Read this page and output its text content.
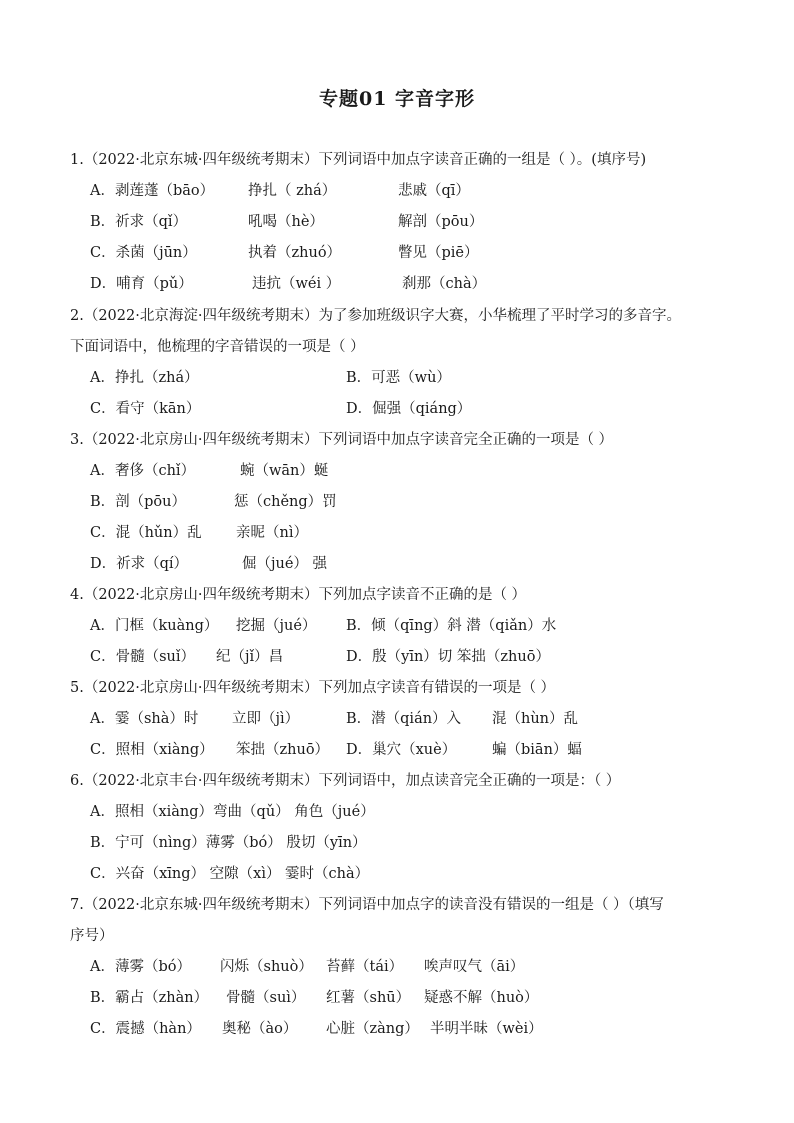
专题01 字音字形
1.（2022·北京东城·四年级统考期末）下列词语中加点字读音正确的一组是（ ）。(填序号)
A．剥莲蓬（bāo） 挣扎（ zhá）	悲戚（qī）
B．祈求（qǐ）	吼喝（hè）	解剖（pōu）
C．杀菌（jūn）	执着（zhuó）	瞥见（piē）
D．哺育（pǔ）	违抗（wéi ）	刹那（chà）
2.（2022·北京海淀·四年级统考期末）为了参加班级识字大赛，小华梳理了平时学习的多音字。
下面词语中，他梳理的字音错误的一项是（ ）
A．挣扎（zhá）	B．可恶（wù）
C．看守（kān）	D．倔强（qiáng）
3.（2022·北京房山·四年级统考期末）下列词语中加点字读音完全正确的一项是（ ）
A．奢侈（chǐ）	蜿（wān）蜒
B．剖（pōu）	惩（chěng）罚
C．混（hǔn）乱 亲昵（nì）
D．祈求（qí）	倔（jué） 强
4.（2022·北京房山·四年级统考期末）下列加点字读音不正确的是（ ）
A．门框（kuàng） 挖掘（jué） B．倾（qīng）斜 潜（qiǎn）水
C．骨髓（suǐ） 纪（jǐ）昌	D．殷（yīn）切 笨拙（zhuō）
5.（2022·北京房山·四年级统考期末）下列加点字读音有错误的一项是（ ）
A．霎（shà）时 立即（jì）	B．潜（qián）入 混（hùn）乱
C．照相（xiàng） 笨拙（zhuō） D．巢穴（xuè） 蝙（biān）蝠
6.（2022·北京丰台·四年级统考期末）下列词语中，加点读音完全正确的一项是：（ ）
A．照相（xiàng）弯曲（qǔ） 角色（jué）
B．宁可（nìng）薄雾（bó） 殷切（yīn）
C．兴奋（xīng） 空隙（xì） 霎时（chà）
7.（2022·北京东城·四年级统考期末）下列词语中加点字的读音没有错误的一组是（ ）（填写
序号）
A．薄雾（bó） 闪烁（shuò） 苔藓（tái） 唉声叹气（āi）
B．霸占（zhàn） 骨髓（suì） 红薯（shū） 疑惑不解（huò）
C．震撼（hàn） 奥秘（ào） 心脏（zàng） 半明半昧（wèi）
